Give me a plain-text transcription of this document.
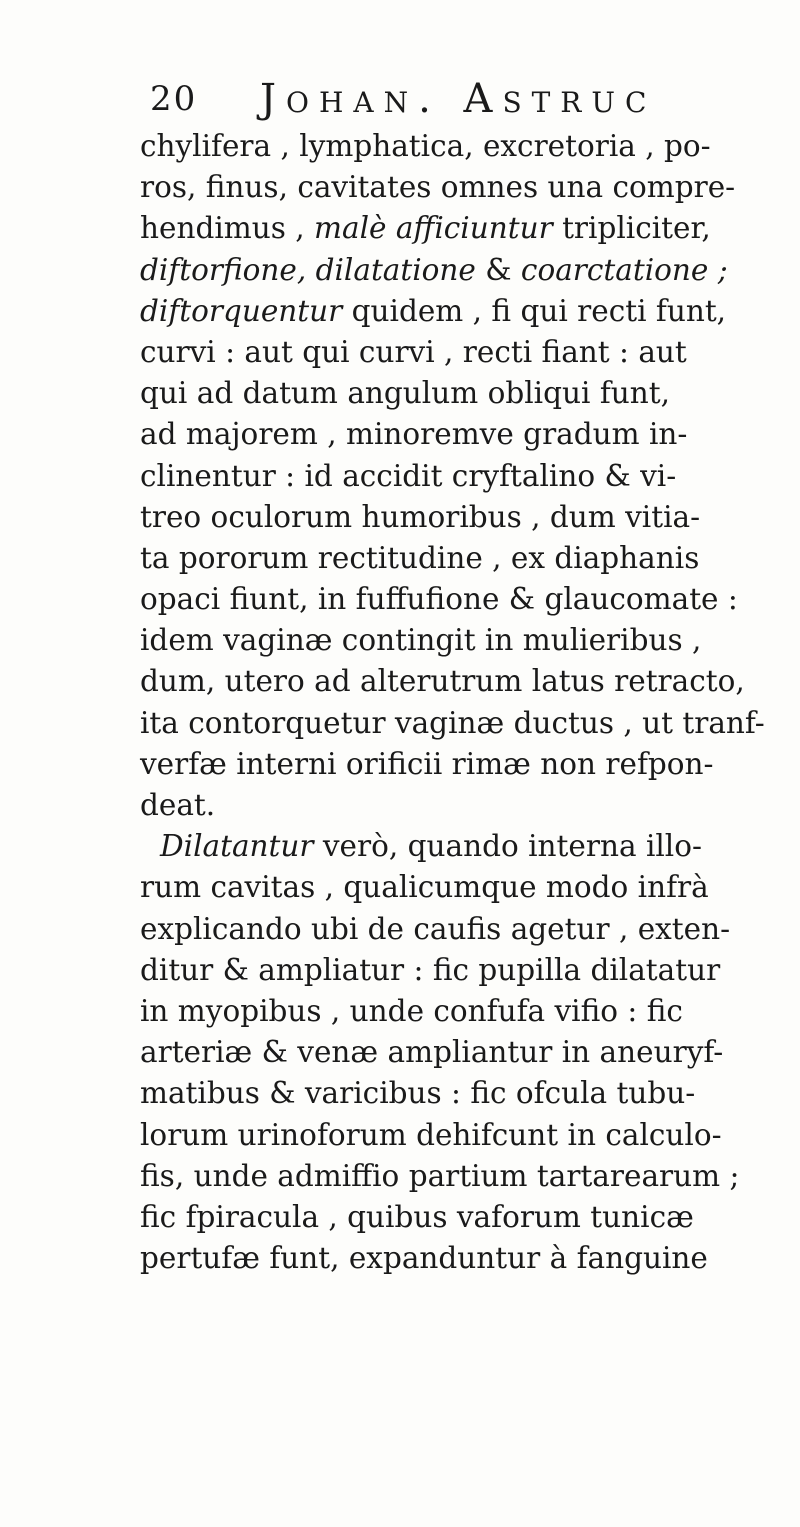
20 Johan. Astruc
chylifera , lymphatica, excretoria , po-
ros, finus, cavitates omnes una compre-
hendimus , malè afficiuntur tripliciter,
diftorfione, dilatatione & coarctatione ;
diftorquentur quidem , fi qui recti funt,
curvi : aut qui curvi , recti fiant : aut
qui ad datum angulum obliqui funt,
ad majorem , minoremve gradum in-
clinentur : id accidit cryftalino & vi-
treo oculorum humoribus , dum vitia-
ta pororum rectitudine , ex diaphanis
opaci fiunt, in fuffufione & glaucomate :
idem vaginæ contingit in mulieribus ,
dum, utero ad alterutrum latus retracto,
ita contorquetur vaginæ ductus , ut tranf-
verfæ interni orificii rimæ non refpon-
deat.
Dilatantur verò, quando interna illo-
rum cavitas , qualicumque modo infrà
explicando ubi de caufis agetur , exten-
ditur & ampliatur : fic pupilla dilatatur
in myopibus , unde confufa vifio : fic
arteriæ & venæ ampliantur in aneuryf-
matibus & varicibus : fic ofcula tubu-
lorum urinoforum dehifcunt in calculo-
fis, unde admiffio partium tartarearum ;
fic fpiracula , quibus vaforum tunicæ
pertufæ funt, expanduntur à fanguine
